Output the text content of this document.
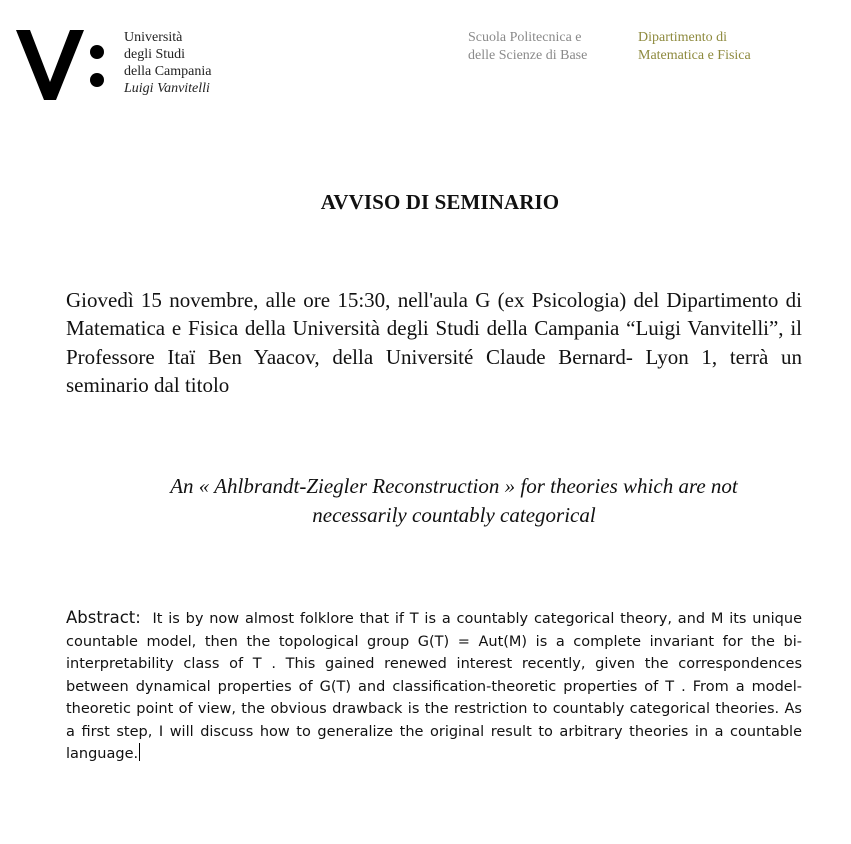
Università
degli Studi
della Campania
Luigi Vanvitelli
Scuola Politecnica e
delle Scienze di Base
Dipartimento di
Matematica e Fisica
AVVISO DI SEMINARIO
Giovedì 15 novembre, alle ore 15:30, nell'aula G (ex Psicologia) del Dipartimento di Matematica e Fisica della Università degli Studi della Campania “Luigi Vanvitelli”, il Professore Itaï Ben Yaacov, della Université Claude Bernard- Lyon 1, terrà un seminario dal titolo
An « Ahlbrandt-Ziegler Reconstruction » for theories which are not
necessarily countably categorical
Abstract: It is by now almost folklore that if T is a countably categorical theory, and M its unique countable model, then the topological group G(T) = Aut(M) is a complete invariant for the bi-interpretability class of T . This gained renewed interest recently, given the correspondences between dynamical properties of G(T) and classification-theoretic properties of T . From a model-theoretic point of view, the obvious drawback is the restriction to countably categorical theories. As a first step, I will discuss how to generalize the original result to arbitrary theories in a countable language.
